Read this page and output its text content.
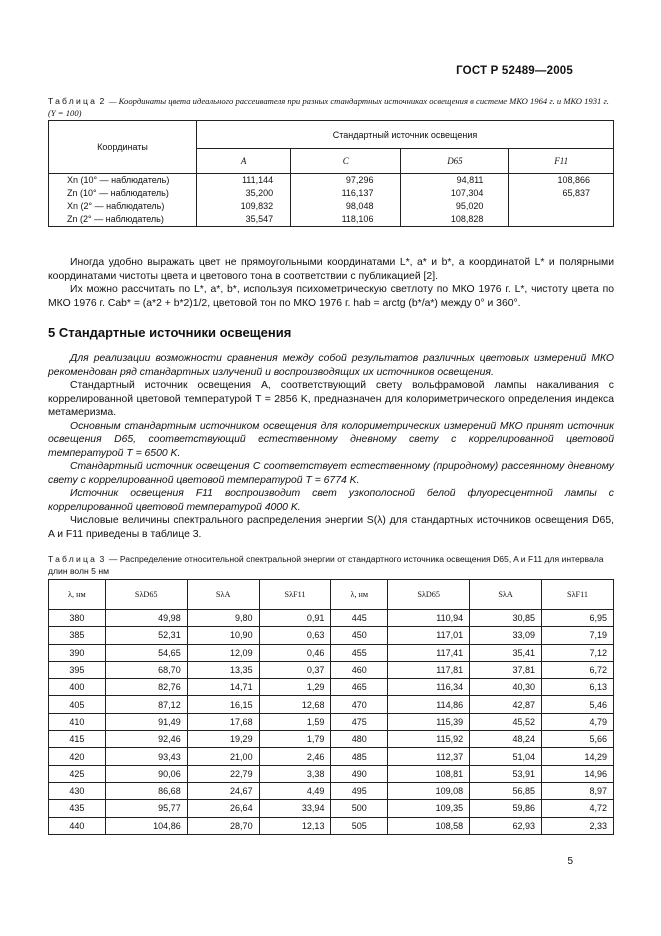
ГОСТ Р 52489—2005
Таблица 2 — Координаты цвета идеального рассеивателя при разных стандартных источниках освещения в системе МКО 1964 г. и МКО 1931 г. (Y = 100)
Координаты	Стандартный источник освещения			
	A	C	D65	F11
Xn (10° — наблюдатель)	111,144	97,296	94,811	108,866
Zn (10° — наблюдатель)	35,200	116,137	107,304	65,837
Xn (2° — наблюдатель)	109,832	98,048	95,020	
Zn (2° — наблюдатель)	35,547	118,106	108,828	

Иногда удобно выражать цвет не прямоугольными координатами L*, a* и b*, а координатой L* и полярными координатами чистоты цвета и цветового тона в соответствии с публикацией [2].

Их можно рассчитать по L*, a*, b*, используя психометрическую светлоту по МКО 1976 г. L*, чистоту цвета по МКО 1976 г. Cab* = (a*2 + b*2)1/2, цветовой тон по МКО 1976 г. hab = arctg (b*/a*) между 0° и 360°.

5 Стандартные источники освещения

Для реализации возможности сравнения между собой результатов различных цветовых измерений МКО рекомендован ряд стандартных излучений и воспроизводящих их источников освещения.

Стандартный источник освещения A, соответствующий свету вольфрамовой лампы накаливания с коррелированной цветовой температурой T = 2856 K, предназначен для колориметрического определения индекса метамеризма.

Основным стандартным источником освещения для колориметрических измерений МКО принят источник освещения D65, соответствующий естественному дневному свету с коррелированной цветовой температурой T = 6500 K.

Стандартный источник освещения C соответствует естественному (природному) рассеянному дневному свету с коррелированной цветовой температурой T = 6774 K.

Источник освещения F11 воспроизводит свет узкополосной белой флуоресцентной лампы с коррелированной цветовой температурой 4000 K.

Числовые величины спектрального распределения энергии S(λ) для стандартных источников освещения D65, A и F11 приведены в таблице 3.

Таблица 3 — Распределение относительной спектральной энергии от стандартного источника освещения D65, A и F11 для интервала длин волн 5 нм
λ, нм	SλD65	SλA	SλF11	λ, нм	SλD65	SλA	SλF11
380	49,98	9,80	0,91	445	110,94	30,85	6,95
385	52,31	10,90	0,63	450	117,01	33,09	7,19
390	54,65	12,09	0,46	455	117,41	35,41	7,12
395	68,70	13,35	0,37	460	117,81	37,81	6,72
400	82,76	14,71	1,29	465	116,34	40,30	6,13
405	87,12	16,15	12,68	470	114,86	42,87	5,46
410	91,49	17,68	1,59	475	115,39	45,52	4,79
415	92,46	19,29	1,79	480	115,92	48,24	5,66
420	93,43	21,00	2,46	485	112,37	51,04	14,29
425	90,06	22,79	3,38	490	108,81	53,91	14,96
430	86,68	24,67	4,49	495	109,08	56,85	8,97
435	95,77	26,64	33,94	500	109,35	59,86	4,72
440	104,86	28,70	12,13	505	108,58	62,93	2,33
5
